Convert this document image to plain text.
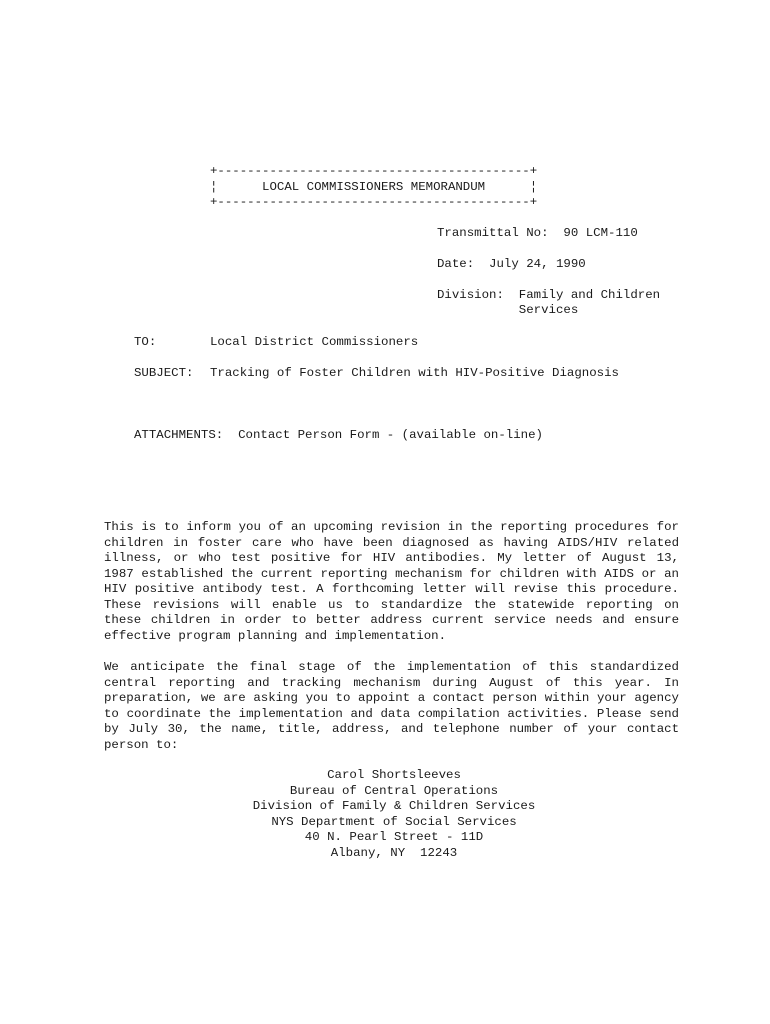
+------------------------------------------+
¦      LOCAL COMMISSIONERS MEMORANDUM      ¦
+------------------------------------------+
Transmittal No:  90 LCM-110
Date:  July 24, 1990
Division:  Family and Children
Services
TO:	Local District Commissioners
SUBJECT: Tracking of Foster Children with HIV-Positive Diagnosis
ATTACHMENTS:  Contact Person Form - (available on-line)
This is to inform you of an upcoming revision in the reporting procedures for children in foster care who have been diagnosed as having AIDS/HIV related illness, or who test positive for HIV antibodies. My letter of August 13, 1987 established the current reporting mechanism for children with AIDS or an HIV positive antibody test. A forthcoming letter will revise this procedure. These revisions will enable us to standardize the statewide reporting on these children in order to better address current service needs and ensure effective program planning and implementation.
We anticipate the final stage of the implementation of this standardized central reporting and tracking mechanism during August of this year. In preparation, we are asking you to appoint a contact person within your agency to coordinate the implementation and data compilation activities. Please send by July 30, the name, title, address, and telephone number of your contact person to:
Carol Shortsleeves
Bureau of Central Operations
Division of Family & Children Services
NYS Department of Social Services
40 N. Pearl Street - 11D
Albany, NY  12243
